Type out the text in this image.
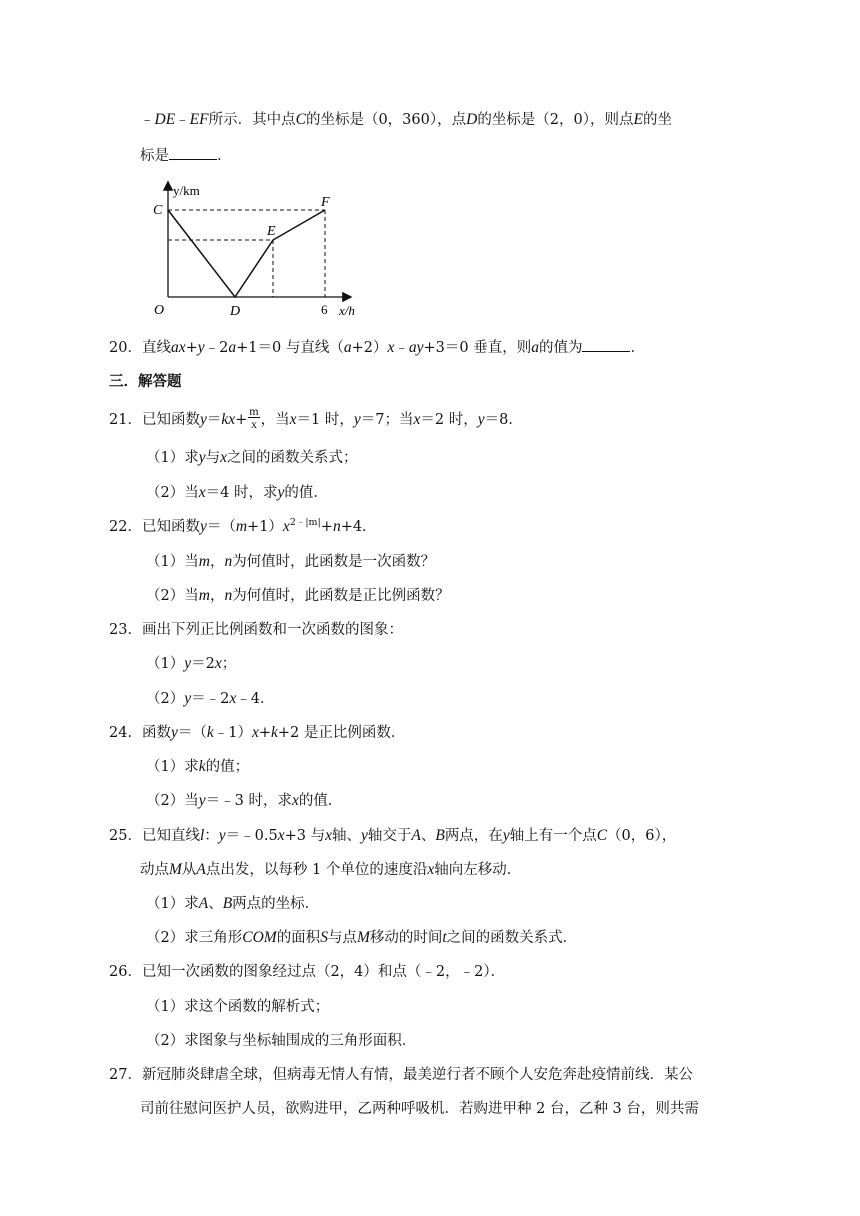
﹣DE﹣EF所示．其中点C的坐标是（0，360），点D的坐标是（2，0），则点E的坐
标是	．
y/km
x/h
C
F
E
O	D	6
20．直线ax+y﹣2a+1＝0 与直线（a+2）x﹣ay+3＝0 垂直，则a的值为	．
三．解答题
21．已知函数$y=kx+ \frac{m}{x}$ ，当x＝1 时，y＝7；当x＝2 时，y＝8．
（1）求y与x之间的函数关系式；
（2）当x＝4 时，求y的值．
22．已知函数$y=(m+1)x^{2﹣|m|}+n+4$．
（1）当m，n为何值时，此函数是一次函数？
（2）当m，n为何值时，此函数是正比例函数？
23．画出下列正比例函数和一次函数的图象：
（1）y＝2x；
（2）y＝﹣2x﹣4．
24．函数y＝（k﹣1）x+k+2 是正比例函数．
（1）求k的值；
（2）当y＝﹣3 时，求x的值．
25．已知直线l：y＝﹣0.5x+3 与x轴、y轴交于A、B两点，在y轴上有一个点C（0，6），
动点M从A点出发，以每秒 1 个单位的速度沿x轴向左移动．
（1）求A、B两点的坐标．
（2）求三角形COM的面积S与点M移动的时间t之间的函数关系式．
26．已知一次函数的图象经过点（2，4）和点（﹣2，﹣2）．
（1）求这个函数的解析式；
（2）求图象与坐标轴围成的三角形面积．
27．新冠肺炎肆虐全球，但病毒无情人有情，最美逆行者不顾个人安危奔赴疫情前线．某公
司前往慰问医护人员，欲购进甲，乙两种呼吸机．若购进甲种 2 台，乙种 3 台，则共需
